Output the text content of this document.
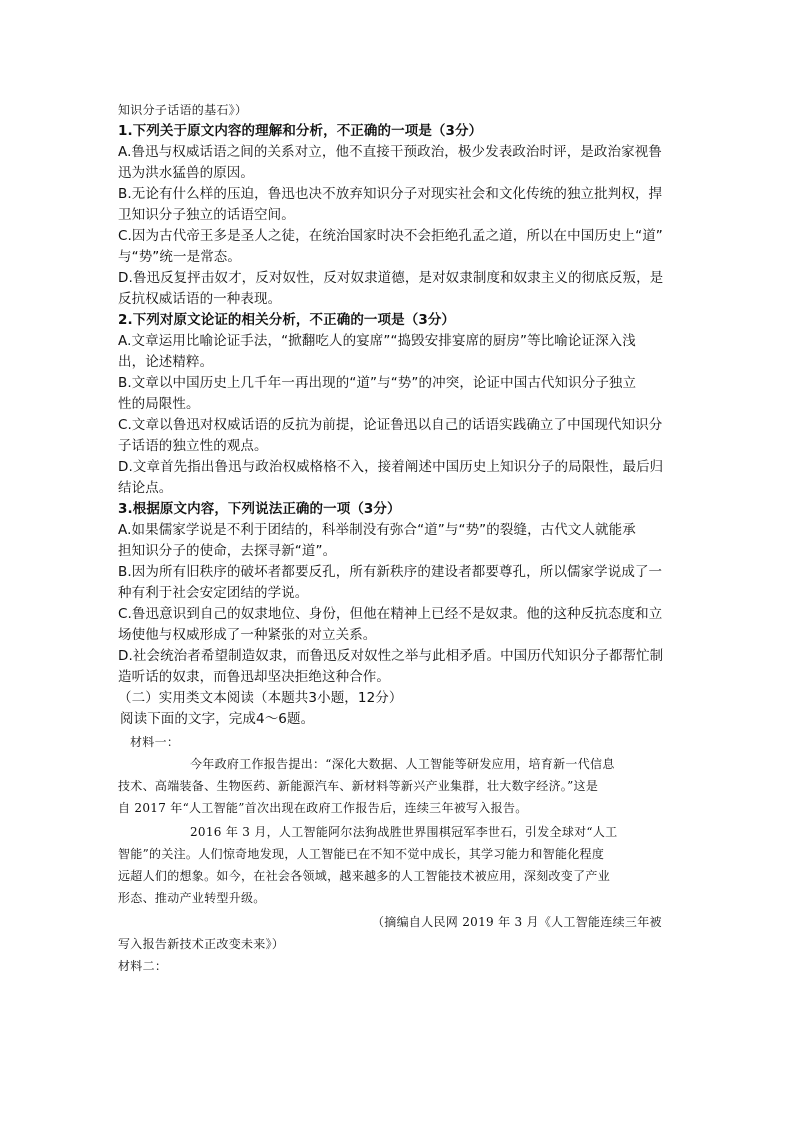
知识分子话语的基石》）
1.下列关于原文内容的理解和分析，不正确的一项是（3分）
A.鲁迅与权威话语之间的关系对立，他不直接干预政治，极少发表政治时评，是政治家视鲁
迅为洪水猛兽的原因。
B.无论有什么样的压迫，鲁迅也决不放弃知识分子对现实社会和文化传统的独立批判权，捍
卫知识分子独立的话语空间。
C.因为古代帝王多是圣人之徒，在统治国家时决不会拒绝孔孟之道，所以在中国历史上“道”
与“势”统一是常态。
D.鲁迅反复抨击奴才，反对奴性，反对奴隶道德，是对奴隶制度和奴隶主义的彻底反叛，是
反抗权威话语的一种表现。
2.下列对原文论证的相关分析，不正确的一项是（3分）
A.文章运用比喻论证手法，“掀翻吃人的宴席”“捣毁安排宴席的厨房”等比喻论证深入浅
出，论述精粹。
B.文章以中国历史上几千年一再出现的“道”与“势”的冲突，论证中国古代知识分子独立
性的局限性。
C.文章以鲁迅对权威话语的反抗为前提，论证鲁迅以自己的话语实践确立了中国现代知识分
子话语的独立性的观点。
D.文章首先指出鲁迅与政治权威格格不入，接着阐述中国历史上知识分子的局限性，最后归
结论点。
3.根据原文内容，下列说法正确的一项（3分）
A.如果儒家学说是不利于团结的，科举制没有弥合“道”与“势”的裂缝，古代文人就能承
担知识分子的使命，去探寻新“道”。
B.因为所有旧秩序的破坏者都要反孔，所有新秩序的建设者都要尊孔，所以儒家学说成了一
种有利于社会安定团结的学说。
C.鲁迅意识到自己的奴隶地位、身份，但他在精神上已经不是奴隶。他的这种反抗态度和立
场使他与权威形成了一种紧张的对立关系。
D.社会统治者希望制造奴隶，而鲁迅反对奴性之举与此相矛盾。中国历代知识分子都帮忙制
造听话的奴隶，而鲁迅却坚决拒绝这种合作。
（二）实用类文本阅读（本题共3小题，12分）
阅读下面的文字，完成4～6题。
材料一：
今年政府工作报告提出：“深化大数据、人工智能等研发应用，培育新一代信息
技术、高端装备、生物医药、新能源汽车、新材料等新兴产业集群，壮大数字经济。”这是
自 2017 年“人工智能”首次出现在政府工作报告后，连续三年被写入报告。
2016 年 3 月，人工智能阿尔法狗战胜世界围棋冠军李世石，引发全球对“人工
智能”的关注。人们惊奇地发现，人工智能已在不知不觉中成长，其学习能力和智能化程度
远超人们的想象。如今，在社会各领域，越来越多的人工智能技术被应用，深刻改变了产业
形态、推动产业转型升级。
（摘编自人民网 2019 年 3 月《人工智能连续三年被
写入报告新技术正改变未来》）
材料二：
